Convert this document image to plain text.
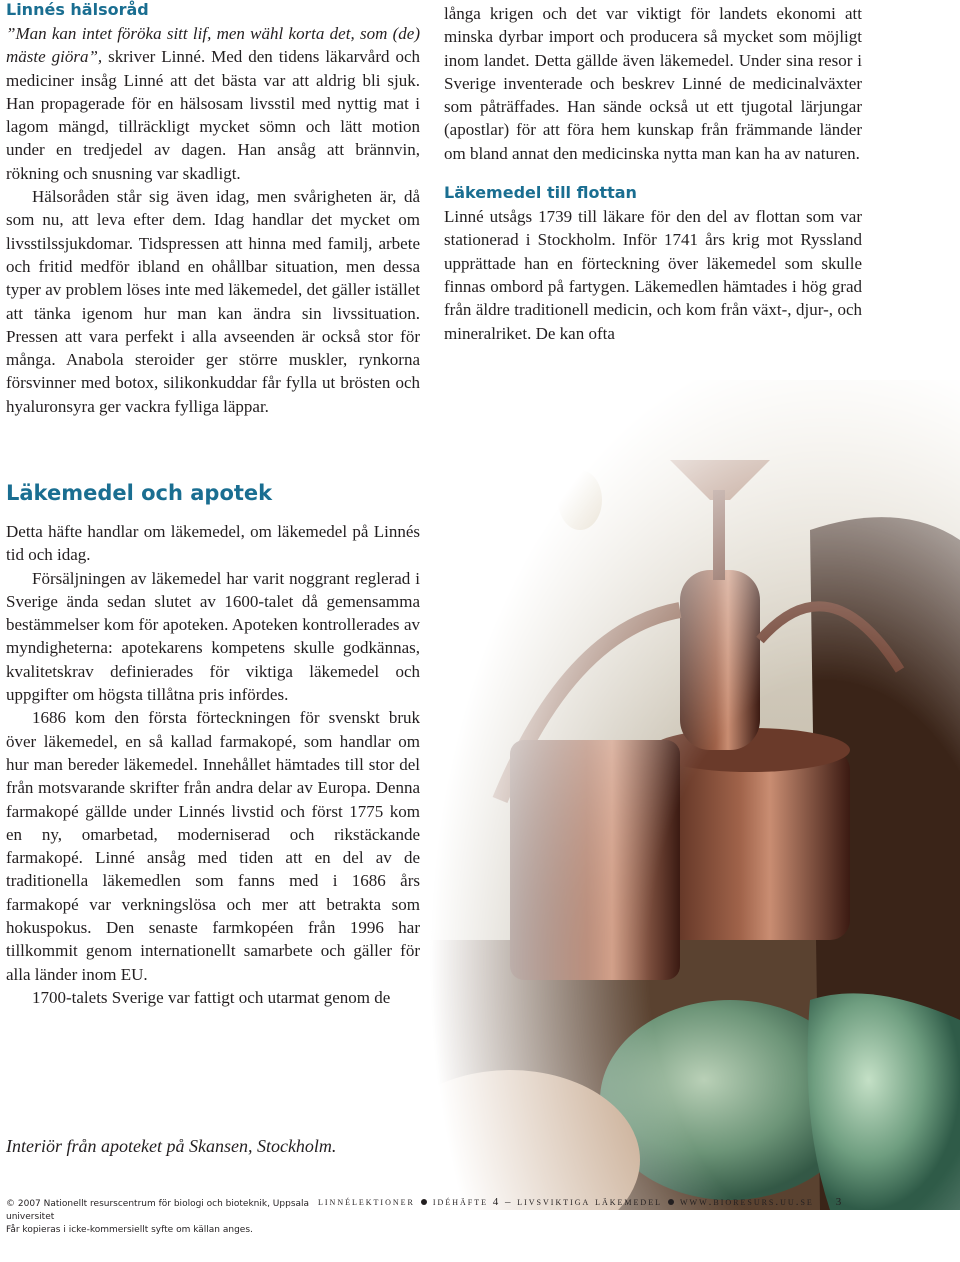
Linnés hälsoråd

”Man kan intet föröka sitt lif, men wähl korta det, som (de) mäste giöra”, skriver Linné. Med den tidens läkarvård och mediciner insåg Linné att det bästa var att aldrig bli sjuk. Han propagerade för en hälsosam livsstil med nyttig mat i lagom mängd, tillräckligt mycket sömn och lätt motion under en tredjedel av dagen. Han ansåg att brännvin, rökning och snusning var skadligt.

Hälsoråden står sig även idag, men svårigheten är, då som nu, att leva efter dem. Idag handlar det mycket om livsstilssjukdomar. Tidspressen att hinna med familj, arbete och fritid medför ibland en ohållbar situation, men dessa typer av problem löses inte med läkemedel, det gäller istället att tänka igenom hur man kan ändra sin livssituation. Pressen att vara perfekt i alla avseenden är också stor för många. Anabola steroider ger större muskler, rynkorna försvinner med botox, silikonkuddar får fylla ut brösten och hyaluronsyra ger vackra fylliga läppar.

Läkemedel och apotek

Detta häfte handlar om läkemedel, om läkemedel på Linnés tid och idag.

Försäljningen av läkemedel har varit noggrant reglerad i Sverige ända sedan slutet av 1600-talet då gemensamma bestämmelser kom för apoteken. Apoteken kontrollerades av myndigheterna: apotekarens kompetens skulle godkännas, kvalitetskrav definierades för viktiga läkemedel och uppgifter om högsta tillåtna pris infördes.

1686 kom den första förteckningen för svenskt bruk över läkemedel, en så kallad farmakopé, som handlar om hur man bereder läkemedel. Innehållet hämtades till stor del från motsvarande skrifter från andra delar av Europa. Denna farmakopé gällde under Linnés livstid och först 1775 kom en ny, omarbetad, moderniserad och rikstäckande farmakopé. Linné ansåg med tiden att en del av de traditionella läkemedlen som fanns med i 1686 års farmakopé var verkningslösa och mer att betrakta som hokuspokus. Den senaste farmkopéen från 1996 har tillkommit genom internationellt samarbete och gäller för alla länder inom EU.

1700-talets Sverige var fattigt och utarmat genom de

långa krigen och det var viktigt för landets ekonomi att minska dyrbar import och producera så mycket som möjligt inom landet. Detta gällde även läkemedel. Under sina resor i Sverige inventerade och beskrev Linné de medicinalväxter som påträffades. Han sände också ut ett tjugotal lärjungar (apostlar) för att föra hem kunskap från främmande länder om bland annat den medicinska nytta man kan ha av naturen.

Läkemedel till flottan

Linné utsågs 1739 till läkare för den del av flottan som var stationerad i Stockholm. Inför 1741 års krig mot Ryssland upprättade han en förteckning över läkemedel som skulle finnas ombord på fartygen. Läkemedlen hämtades i hög grad från äldre traditionell medicin, och kom från växt-, djur-, och mineralriket. De kan ofta

Interiör från apoteket på Skansen, Stockholm.
© 2007 Nationellt resurscentrum för biologi och bioteknik, Uppsala universitet
Får kopieras i icke-kommersiellt syfte om källan anges.
linnélektioner idéhäfte 4 – livsviktiga läkemedel www.bioresurs.uu.se 3
